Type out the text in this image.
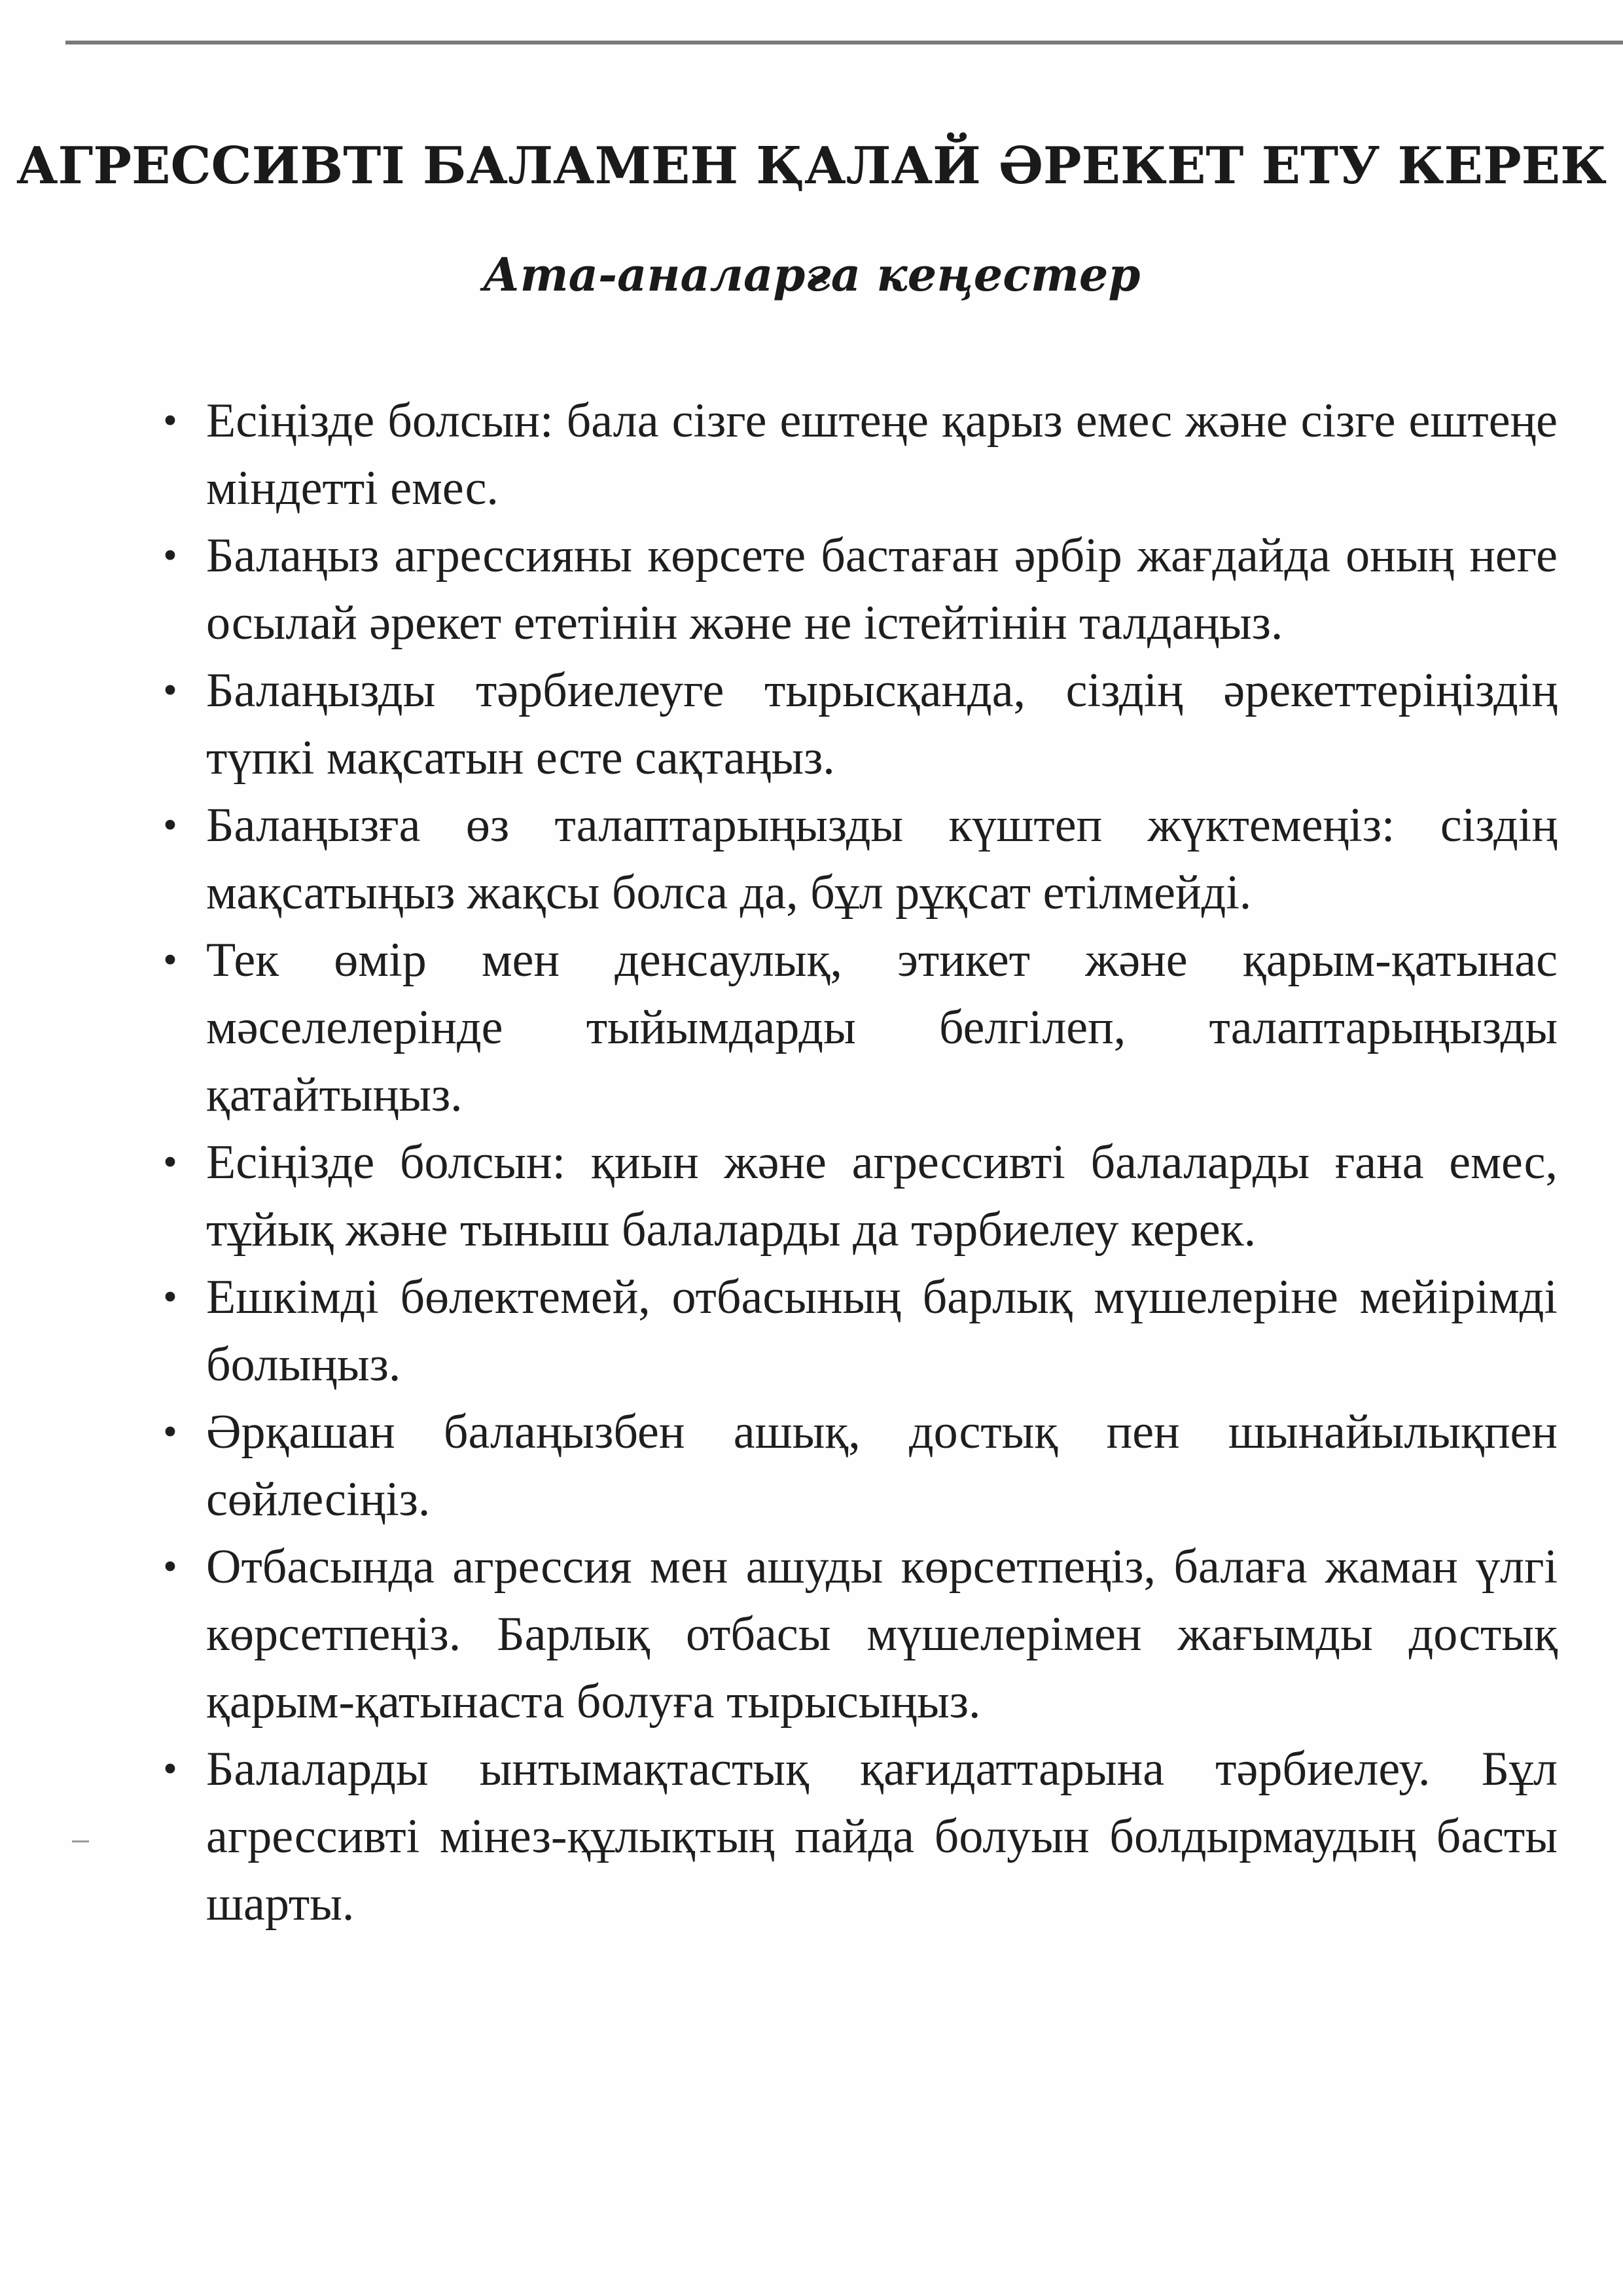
АГРЕССИВТІ БАЛАМЕН ҚАЛАЙ ӘРЕКЕТ ЕТУ КЕРЕК
Ата-аналарға кеңестер
• Есіңізде болсын: бала сізге ештеңе қарыз емес және сізге ештеңе міндетті емес.
• Балаңыз агрессияны көрсете бастаған әрбір жағдайда оның неге осылай әрекет ететінін және не істейтінін талдаңыз.
• Балаңызды тәрбиелеуге тырысқанда, сіздің әрекеттеріңіздің түпкі мақсатын есте сақтаңыз.
• Балаңызға өз талаптарыңызды күштеп жүктемеңіз: сіздің мақсатыңыз жақсы болса да, бұл рұқсат етілмейді.
• Тек өмір мен денсаулық, этикет және қарым-қатынас мәселелерінде тыйымдарды белгілеп, талаптарыңызды қатайтыңыз.
• Есіңізде болсын: қиын және агрессивті балаларды ғана емес, тұйық және тыныш балаларды да тәрбиелеу керек.
• Ешкімді бөлектемей, отбасының барлық мүшелеріне мейірімді болыңыз.
• Әрқашан балаңызбен ашық, достық пен шынайылықпен сөйлесіңіз.
• Отбасында агрессия мен ашуды көрсетпеңіз, балаға жаман үлгі көрсетпеңіз. Барлық отбасы мүшелерімен жағымды достық қарым-қатынаста болуға тырысыңыз.
• Балаларды ынтымақтастық қағидаттарына тәрбиелеу. Бұл агрессивті мінез-құлықтың пайда болуын болдырмаудың басты шарты.
